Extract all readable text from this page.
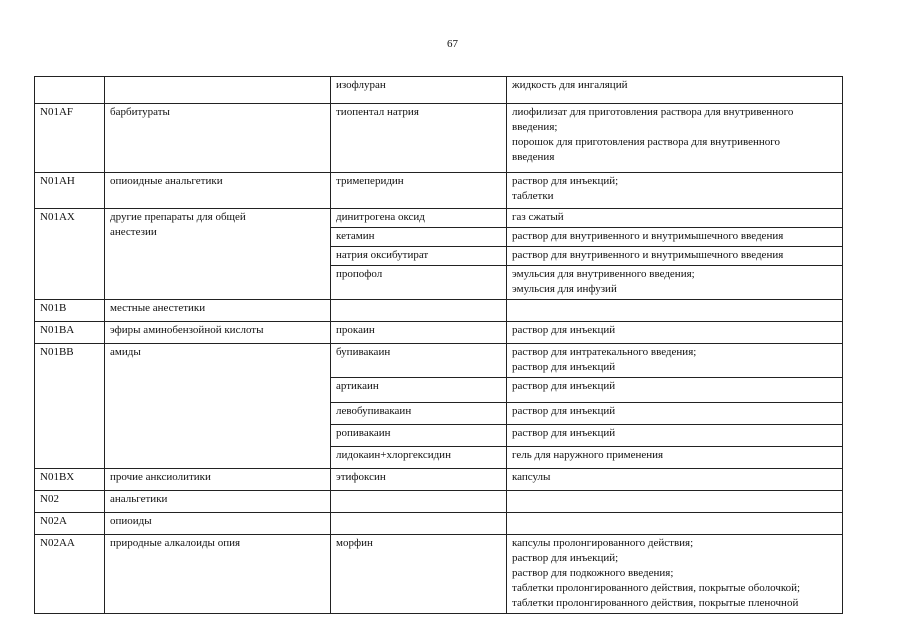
67
		изофлуран	жидкость для ингаляций

N01AF	барбитураты	тиопентал натрия	лиофилизат для приготовления раствора для внутривенного
введения;
порошок для приготовления раствора для внутривенного
введения

N01AH	опиоидные анальгетики	тримеперидин	раствор для инъекций;
таблетки

N01AX	другие препараты для общей
анестезии	динитрогена оксид	газ сжатый

		кетамин	раствор для внутривенного и внутримышечного введения

		натрия оксибутират	раствор для внутривенного и внутримышечного введения

		пропофол	эмульсия для внутривенного введения;
эмульсия для инфузий

N01B	местные анестетики		
N01BA	эфиры аминобензойной кислоты	прокаин	раствор для инъекций

N01BB	амиды	бупивакаин	раствор для интратекального введения;
раствор для инъекций

		артикаин	раствор для инъекций

		левобупивакаин	раствор для инъекций

		ропивакаин	раствор для инъекций

		лидокаин+хлоргексидин	гель для наружного применения

N01BX	прочие анксиолитики	этифоксин	капсулы

N02	анальгетики		
N02A	опиоиды		
N02AA	природные алкалоиды опия	морфин	капсулы пролонгированного действия;
раствор для инъекций;
раствор для подкожного введения;
таблетки пролонгированного действия, покрытые оболочкой;
таблетки пролонгированного действия, покрытые пленочной
